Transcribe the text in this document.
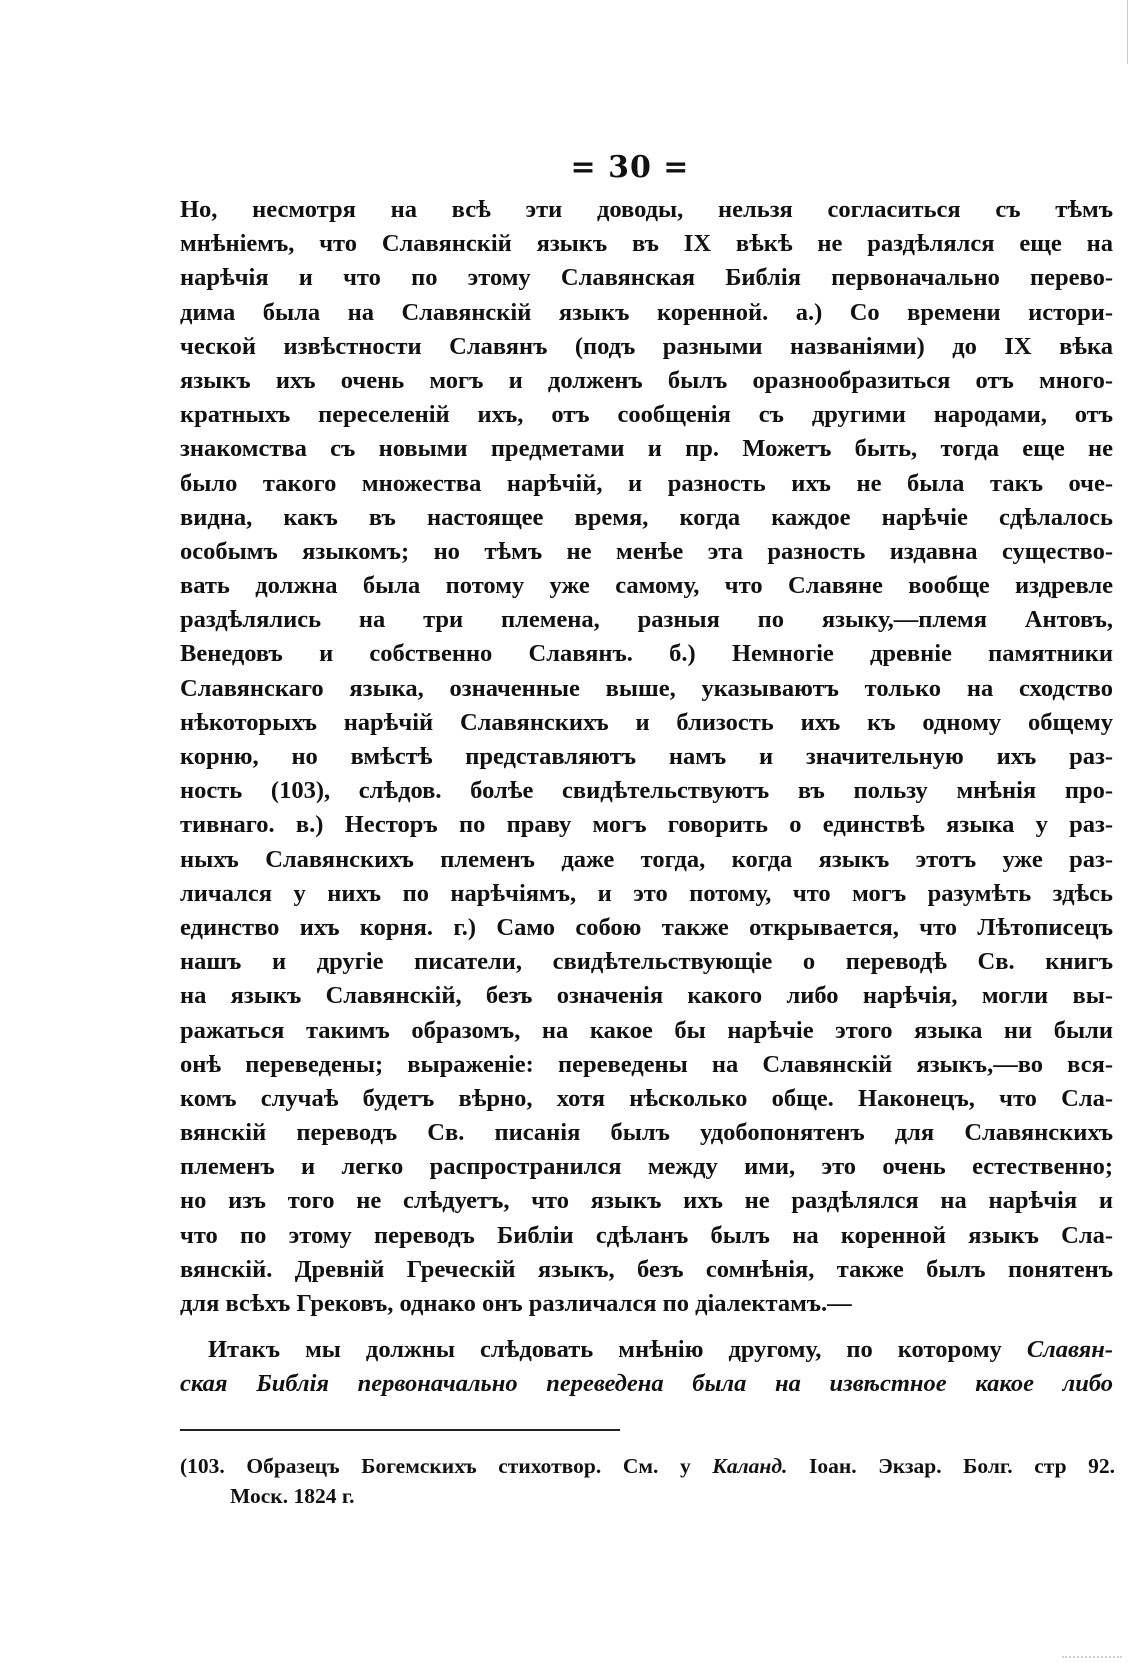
= 30 =
Но, несмотря на всѣ эти доводы, нельзя согласиться съ тѣмъ
мнѣніемъ, что Славянскій языкъ въ IX вѣкѣ не раздѣлялся еще на
нарѣчія и что по этому Славянская Библія первоначально перево-
дима была на Славянскій языкъ коренной. а.) Со времени истори-
ческой извѣстности Славянъ (подъ разными названіями) до IX вѣка
языкъ ихъ очень могъ и долженъ былъ оразнообразиться отъ много-
кратныхъ переселеній ихъ, отъ сообщенія съ другими народами, отъ
знакомства съ новыми предметами и пр. Можетъ быть, тогда еще не
было такого множества нарѣчій, и разность ихъ не была такъ оче-
видна, какъ въ настоящее время, когда каждое нарѣчіе сдѣлалось
особымъ языкомъ; но тѣмъ не менѣе эта разность издавна существо-
вать должна была потому уже самому, что Славяне вообще издревле
раздѣлялись на три племена, разныя по языку,—племя Антовъ,
Венедовъ и собственно Славянъ. б.) Немногіе древніе памятники
Славянскаго языка, означенные выше, указываютъ только на сходство
нѣкоторыхъ нарѣчій Славянскихъ и близость ихъ къ одному общему
корню, но вмѣстѣ представляютъ намъ и значительную ихъ раз-
ность (103), слѣдов. болѣе свидѣтельствуютъ въ пользу мнѣнія про-
тивнаго. в.) Несторъ по праву могъ говорить о единствѣ языка у раз-
ныхъ Славянскихъ племенъ даже тогда, когда языкъ этотъ уже раз-
личался у нихъ по нарѣчіямъ, и это потому, что могъ разумѣть здѣсь
единство ихъ корня. г.) Само собою также открывается, что Лѣтописецъ
нашъ и другіе писатели, свидѣтельствующіе о переводѣ Св. книгъ
на языкъ Славянскій, безъ означенія какого либо нарѣчія, могли вы-
ражаться такимъ образомъ, на какое бы нарѣчіе этого языка ни были
онѣ переведены; выраженіе: переведены на Славянскій языкъ,—во вся-
комъ случаѣ будетъ вѣрно, хотя нѣсколько обще. Наконецъ, что Сла-
вянскій переводъ Св. писанія былъ удобопонятенъ для Славянскихъ
племенъ и легко распространился между ими, это очень естественно;
но изъ того не слѣдуетъ, что языкъ ихъ не раздѣлялся на нарѣчія и
что по этому переводъ Библіи сдѣланъ былъ на коренной языкъ Сла-
вянскій. Древній Греческій языкъ, безъ сомнѣнія, также былъ понятенъ
для всѣхъ Грековъ, однако онъ различался по діалектамъ.—
Итакъ мы должны слѣдовать мнѣнію другому, по которому Славян-
ская Библія первоначально переведена была на извѣстное какое либо
(103. Образецъ Богемскихъ стихотвор. См. у Каланд. Іоан. Экзар. Болг. стр 92.
Моск. 1824 г.
